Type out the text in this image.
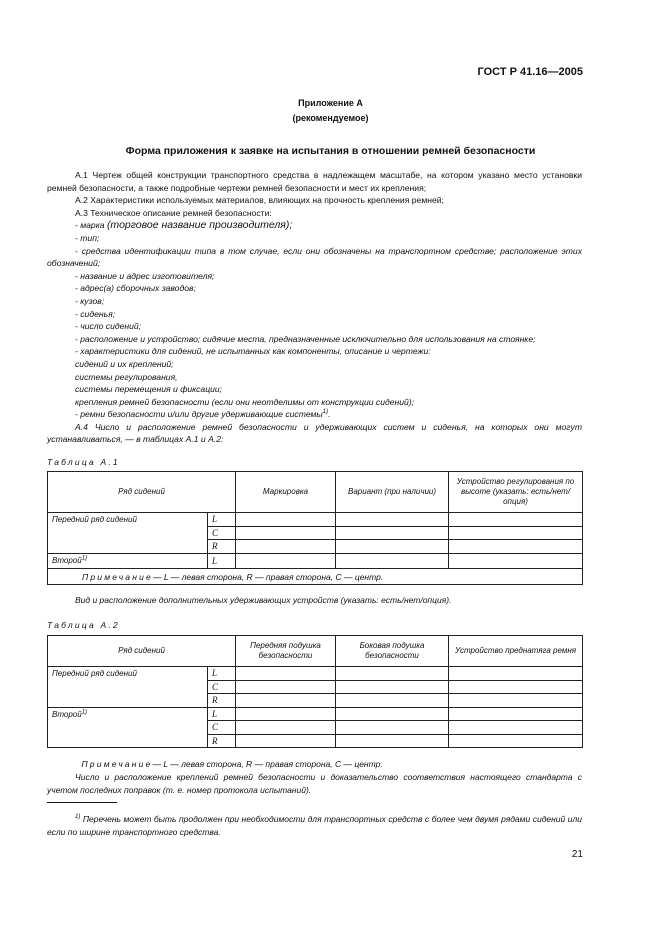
ГОСТ Р 41.16—2005
Приложение А
(рекомендуемое)
Форма приложения к заявке на испытания в отношении ремней безопасности

А.1 Чертеж общей конструкции транспортного средства в надлежащем масштабе, на котором указано место установки ремней безопасности, а также подробные чертежи ремней безопасности и мест их крепления;

А.2 Характеристики используемых материалов, влияющих на прочность крепления ремней;

А.3 Техническое описание ремней безопасности:

- марка (торговое название производителя);

- тип;

- средства идентификации типа в том случае, если они обозначены на транспортном средстве; расположение этих обозначений;

- название и адрес изготовителя;

- адрес(а) сборочных заводов;

- кузов;

- сиденья;

- число сидений;

- расположение и устройство; сидячие места, предназначенные исключительно для использования на стоянке;

- характеристики для сидений, не испытанных как компоненты, описание и чертежи:

сидений и их креплений;

системы регулирования,

системы перемещения и фиксации;

крепления ремней безопасности (если они неотделимы от конструкции сидений);

- ремни безопасности и/или другие удерживающие системы$^{1)}$.

А.4 Число и расположение ремней безопасности и удерживающих систем и сиденья, на которых они могут устанавливаться, — в таблицах А.1 и А.2:

Таблица А.1
Ряд сидений		Маркировка	Вариант (при наличии)	Устройство регулирования по высоте (указать: есть/нет/опция)
Передний ряд сидений	L			
	C			
	R			
Второй$^{1)}$	L			
Примечание— L — левая сторона, R — правая сторона, C — центр.				
Вид и расположение дополнительных удерживающих устройств (указать: есть/нет/опция).
Таблица А.2
Ряд сидений		Передняя подушка безопасности	Боковая подушка безопасности	Устройство преднатяга ремня
Передний ряд сидений	L			
	C			
	R			
Второй$^{1)}$	L			
	C			
	R			
Примечание— L — левая сторона, R — правая сторона, C — центр.				
Число и расположение креплений ремней безопасности и доказательство соответствия настоящего стандарта с учетом последних поправок (т. е. номер протокола испытаний).
$^{1)}$ Перечень может быть продолжен при необходимости для транспортных средств с более чем двумя рядами сидений или если по ширине транспортного средства.
21
